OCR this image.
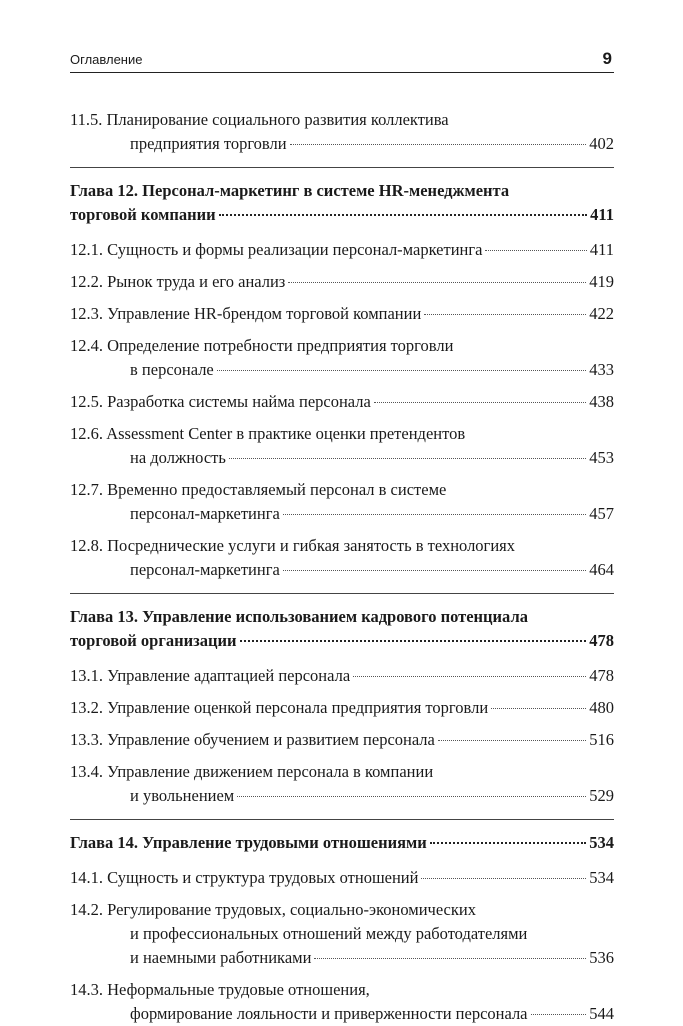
Оглавление	9
11.5. Планирование социального развития коллектива
предприятия торговли	402
Глава 12. Персонал-маркетинг в системе HR-менеджмента
торговой компании	411
12.1. Сущность и формы реализации персонал-маркетинга	411
12.2. Рынок труда и его анализ	419
12.3. Управление HR-брендом торговой компании	422
12.4. Определение потребности предприятия торговли
в персонале	433
12.5. Разработка системы найма персонала	438
12.6. Assessment Center в практике оценки претендентов
на должность	453
12.7. Временно предоставляемый персонал в системе
персонал-маркетинга	457
12.8. Посреднические услуги и гибкая занятость в технологиях
персонал-маркетинга	464
Глава 13. Управление использованием кадрового потенциала
торговой организации	478
13.1. Управление адаптацией персонала	478
13.2. Управление оценкой персонала предприятия торговли	480
13.3. Управление обучением и развитием персонала	516
13.4. Управление движением персонала в компании
и увольнением	529
Глава 14. Управление трудовыми отношениями	534
14.1. Сущность и структура трудовых отношений	534
14.2. Регулирование трудовых, социально-экономических
и профессиональных отношений между работодателями
и наемными работниками	536
14.3. Неформальные трудовые отношения,
формирование лояльности и приверженности персонала	544
